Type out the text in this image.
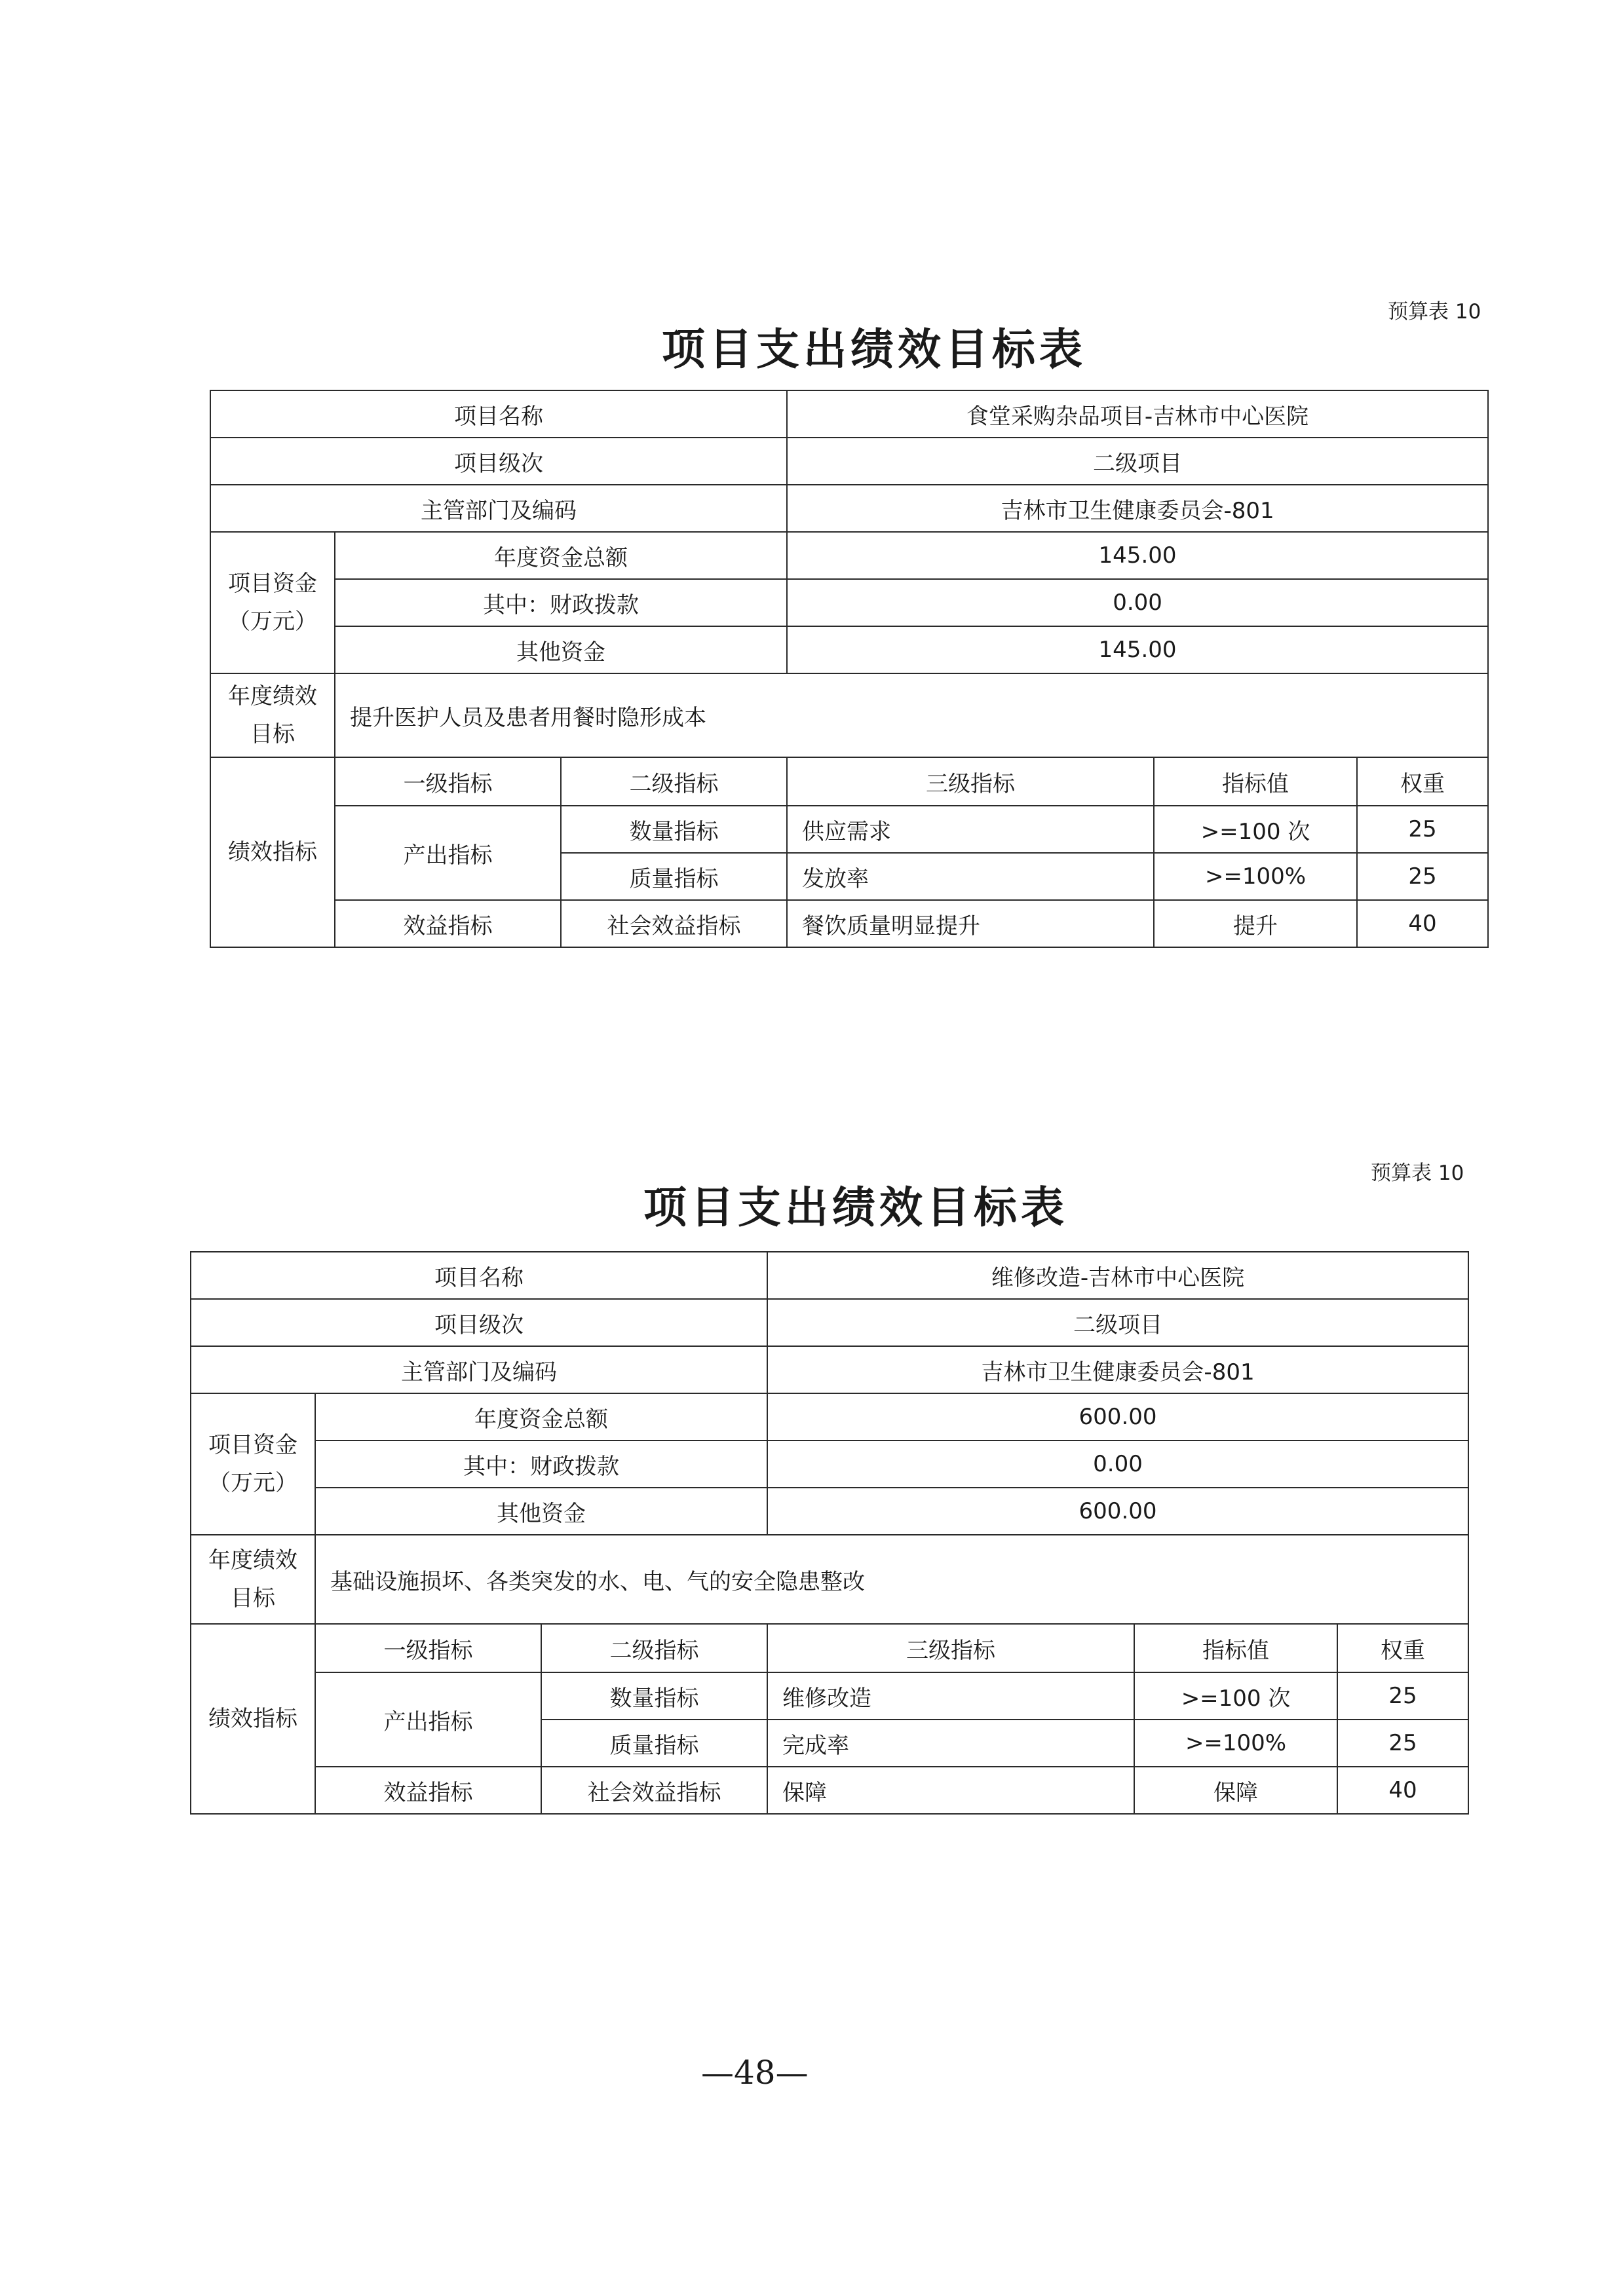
预算表 10
项目支出绩效目标表
项目名称			食堂采购杂品项目-吉林市中心医院		
项目级次			二级项目		
主管部门及编码			吉林市卫生健康委员会-801		
项目资金（万元）	年度资金总额		145.00		
	其中：财政拨款		0.00		
	其他资金		145.00		
年度绩效目标	提升医护人员及患者用餐时隐形成本				
绩效指标	一级指标	二级指标	三级指标	指标值	权重
	产出指标	数量指标	供应需求	>=100 次	25
		质量指标	发放率	>=100%	25
	效益指标	社会效益指标	餐饮质量明显提升	提升	40
预算表 10
项目支出绩效目标表
项目名称			维修改造-吉林市中心医院		
项目级次			二级项目		
主管部门及编码			吉林市卫生健康委员会-801		
项目资金（万元）	年度资金总额		600.00		
	其中：财政拨款		0.00		
	其他资金		600.00		
年度绩效目标	基础设施损坏、各类突发的水、电、气的安全隐患整改				
绩效指标	一级指标	二级指标	三级指标	指标值	权重
	产出指标	数量指标	维修改造	>=100 次	25
		质量指标	完成率	>=100%	25
	效益指标	社会效益指标	保障	保障	40
—48—
